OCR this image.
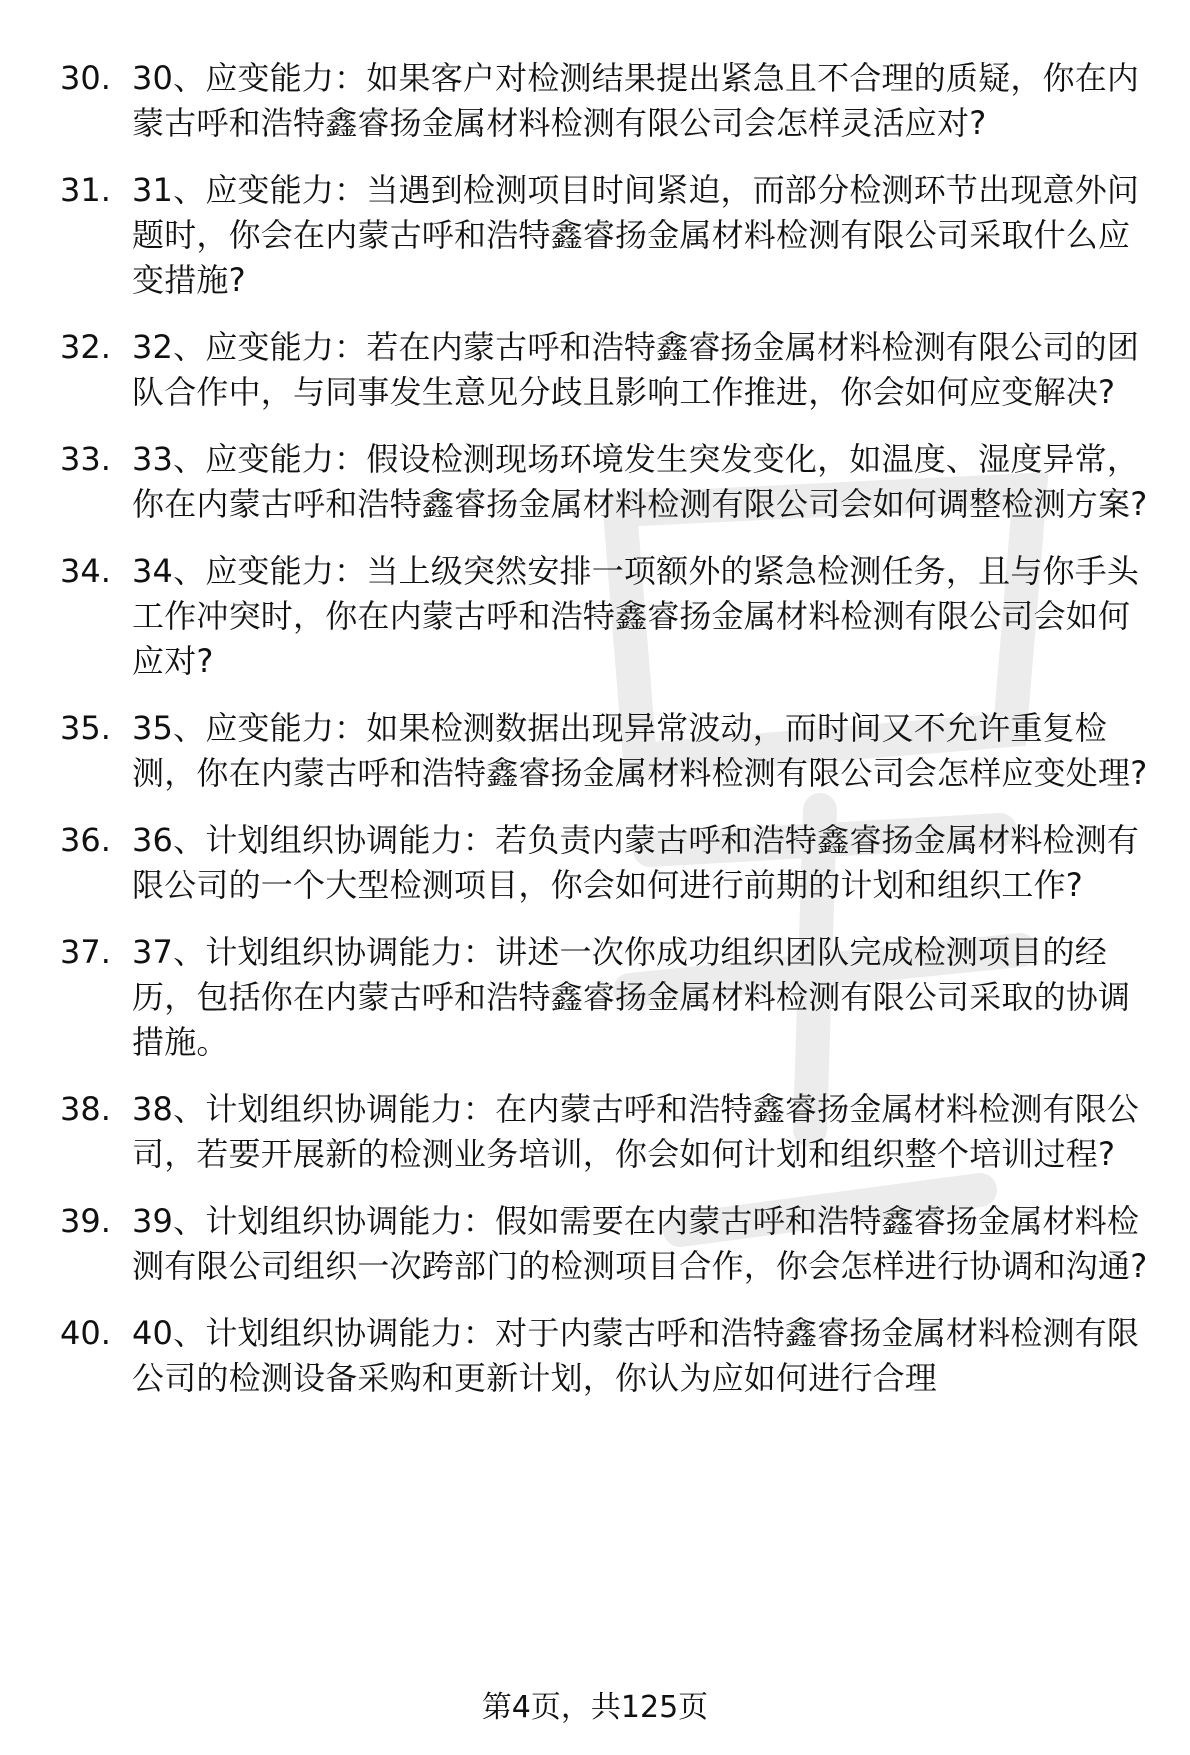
30. 30、应变能力：如果客户对检测结果提出紧急且不合理的质疑，你在内蒙古呼和浩特鑫睿扬金属材料检测有限公司会怎样灵活应对?
31. 31、应变能力：当遇到检测项目时间紧迫，而部分检测环节出现意外问题时，你会在内蒙古呼和浩特鑫睿扬金属材料检测有限公司采取什么应变措施?
32. 32、应变能力：若在内蒙古呼和浩特鑫睿扬金属材料检测有限公司的团队合作中，与同事发生意见分歧且影响工作推进，你会如何应变解决?
33. 33、应变能力：假设检测现场环境发生突发变化，如温度、湿度异常，你在内蒙古呼和浩特鑫睿扬金属材料检测有限公司会如何调整检测方案?
34. 34、应变能力：当上级突然安排一项额外的紧急检测任务，且与你手头工作冲突时，你在内蒙古呼和浩特鑫睿扬金属材料检测有限公司会如何应对?
35. 35、应变能力：如果检测数据出现异常波动，而时间又不允许重复检测，你在内蒙古呼和浩特鑫睿扬金属材料检测有限公司会怎样应变处理?
36. 36、计划组织协调能力：若负责内蒙古呼和浩特鑫睿扬金属材料检测有限公司的一个大型检测项目，你会如何进行前期的计划和组织工作?
37. 37、计划组织协调能力：讲述一次你成功组织团队完成检测项目的经历，包括你在内蒙古呼和浩特鑫睿扬金属材料检测有限公司采取的协调措施。
38. 38、计划组织协调能力：在内蒙古呼和浩特鑫睿扬金属材料检测有限公司，若要开展新的检测业务培训，你会如何计划和组织整个培训过程?
39. 39、计划组织协调能力：假如需要在内蒙古呼和浩特鑫睿扬金属材料检测有限公司组织一次跨部门的检测项目合作，你会怎样进行协调和沟通?
40. 40、计划组织协调能力：对于内蒙古呼和浩特鑫睿扬金属材料检测有限公司的检测设备采购和更新计划，你认为应如何进行合理
第4页，共125页
